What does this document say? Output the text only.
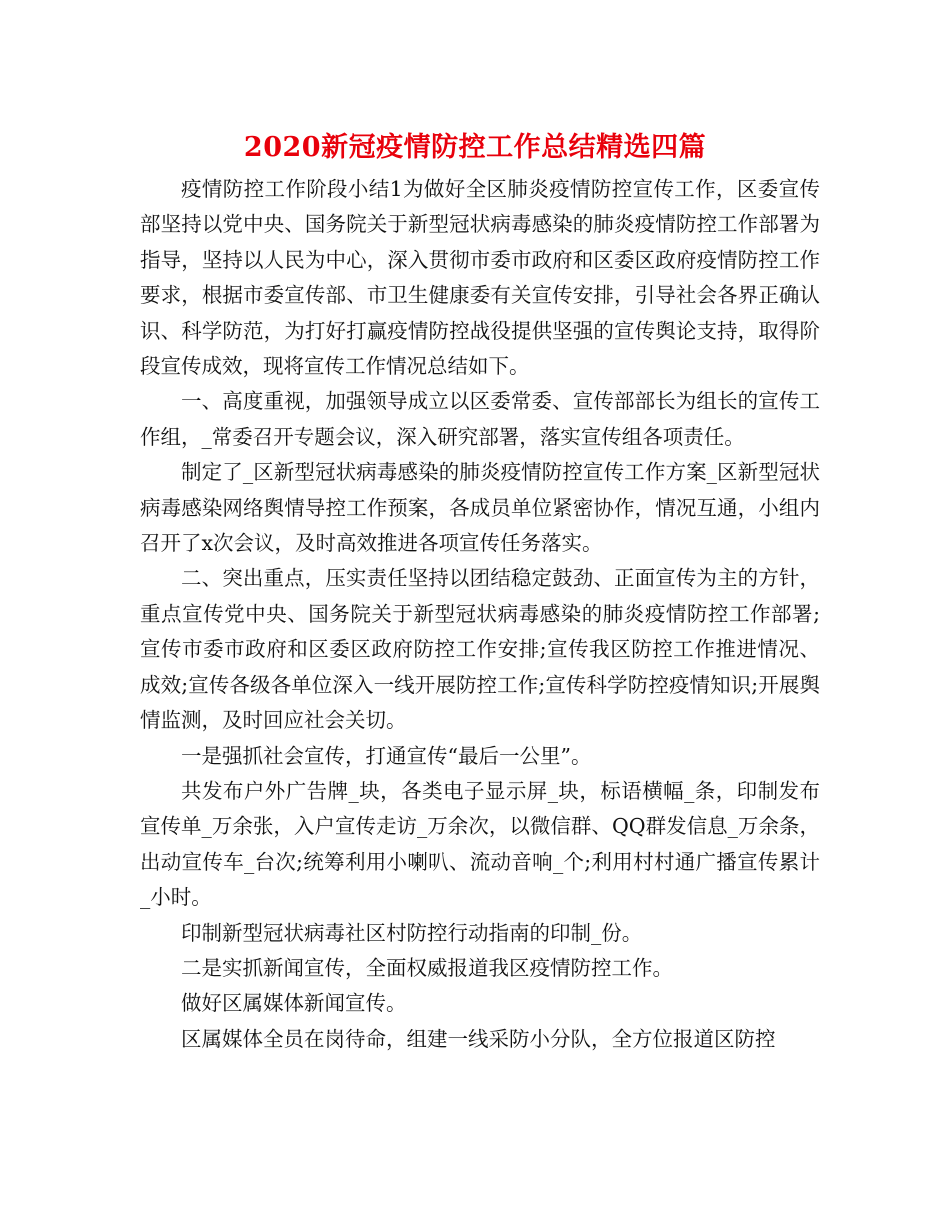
2020新冠疫情防控工作总结精选四篇

疫情防控工作阶段小结1为做好全区肺炎疫情防控宣传工作，区委宣传部坚持以党中央、国务院关于新型冠状病毒感染的肺炎疫情防控工作部署为指导，坚持以人民为中心，深入贯彻市委市政府和区委区政府疫情防控工作要求，根据市委宣传部、市卫生健康委有关宣传安排，引导社会各界正确认识、科学防范，为打好打赢疫情防控战役提供坚强的宣传舆论支持，取得阶段宣传成效，现将宣传工作情况总结如下。

一、高度重视，加强领导成立以区委常委、宣传部部长为组长的宣传工作组，_常委召开专题会议，深入研究部署，落实宣传组各项责任。

制定了_区新型冠状病毒感染的肺炎疫情防控宣传工作方案_区新型冠状病毒感染网络舆情导控工作预案，各成员单位紧密协作，情况互通，小组内召开了x次会议，及时高效推进各项宣传任务落实。

二、突出重点，压实责任坚持以团结稳定鼓劲、正面宣传为主的方针，重点宣传党中央、国务院关于新型冠状病毒感染的肺炎疫情防控工作部署;宣传市委市政府和区委区政府防控工作安排;宣传我区防控工作推进情况、成效;宣传各级各单位深入一线开展防控工作;宣传科学防控疫情知识;开展舆情监测，及时回应社会关切。

一是强抓社会宣传，打通宣传“最后一公里”。

共发布户外广告牌_块，各类电子显示屏_块，标语横幅_条，印制发布宣传单_万余张，入户宣传走访_万余次，以微信群、QQ群发信息_万余条，出动宣传车_台次;统筹利用小喇叭、流动音响_个;利用村村通广播宣传累计_小时。

印制新型冠状病毒社区村防控行动指南的印制_份。

二是实抓新闻宣传，全面权威报道我区疫情防控工作。

做好区属媒体新闻宣传。

区属媒体全员在岗待命，组建一线采防小分队，全方位报道区防控
